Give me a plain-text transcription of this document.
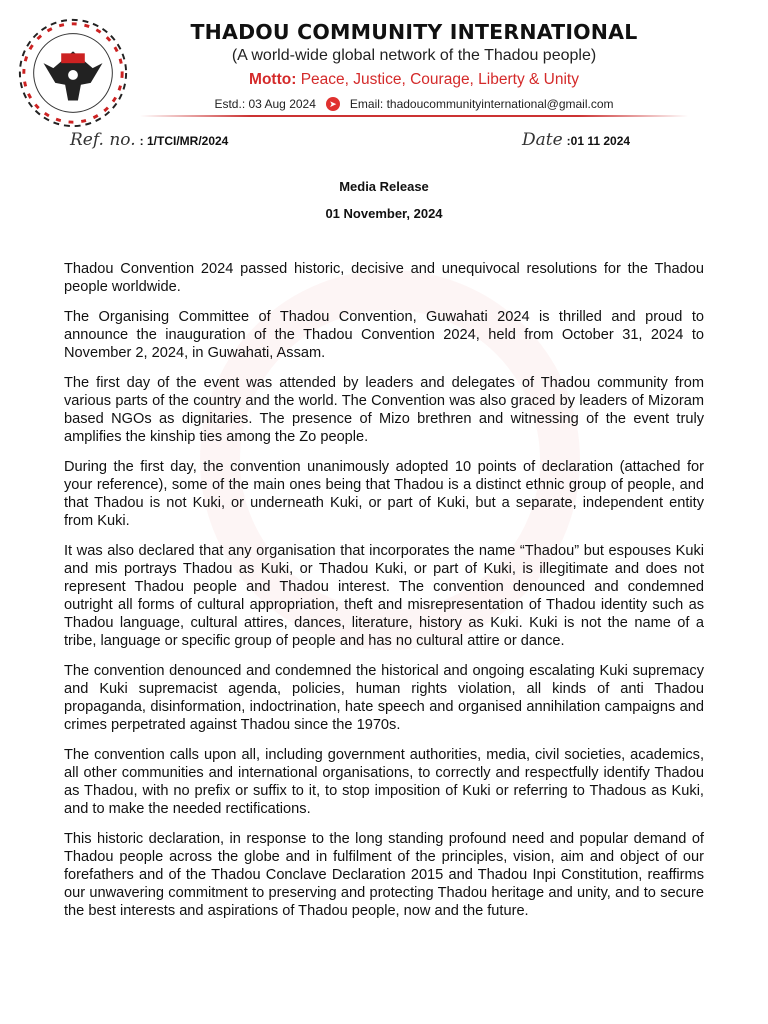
THADOU COMMUNITY INTERNATIONAL
(A world-wide global network of the Thadou people)
Motto: Peace, Justice, Courage, Liberty & Unity
Estd.: 03 Aug 2024	➤ Email: thadoucommunityinternational@gmail.com
Ref. no. : 1/TCI/MR/2024	Date :01 11 2024
Media Release
01 November, 2024

Thadou Convention 2024 passed historic, decisive and unequivocal resolutions for the Thadou people worldwide.

The Organising Committee of Thadou Convention, Guwahati 2024 is thrilled and proud to announce the inauguration of the Thadou Convention 2024, held from October 31, 2024 to November 2, 2024, in Guwahati, Assam.

The first day of the event was attended by leaders and delegates of Thadou community from various parts of the country and the world. The Convention was also graced by leaders of Mizoram based NGOs as dignitaries. The presence of Mizo brethren and witnessing of the event truly amplifies the kinship ties among the Zo people.

During the first day, the convention unanimously adopted 10 points of declaration (attached for your reference), some of the main ones being that Thadou is a distinct ethnic group of people, and that Thadou is not Kuki, or underneath Kuki, or part of Kuki, but a separate, independent entity from Kuki.

It was also declared that any organisation that incorporates the name “Thadou” but espouses Kuki and mis portrays Thadou as Kuki, or Thadou Kuki, or part of Kuki, is illegitimate and does not represent Thadou people and Thadou interest. The convention denounced and condemned outright all forms of cultural appropriation, theft and misrepresentation of Thadou identity such as Thadou language, cultural attires, dances, literature, history as Kuki. Kuki is not the name of a tribe, language or specific group of people and has no cultural attire or dance.

The convention denounced and condemned the historical and ongoing escalating Kuki supremacy and Kuki supremacist agenda, policies, human rights violation, all kinds of anti Thadou propaganda, disinformation, indoctrination, hate speech and organised annihilation campaigns and crimes perpetrated against Thadou since the 1970s.

The convention calls upon all, including government authorities, media, civil societies, academics, all other communities and international organisations, to correctly and respectfully identify Thadou as Thadou, with no prefix or suffix to it, to stop imposition of Kuki or referring to Thadous as Kuki, and to make the needed rectifications.

This historic declaration, in response to the long standing profound need and popular demand of Thadou people across the globe and in fulfilment of the principles, vision, aim and object of our forefathers and of the Thadou Conclave Declaration 2015 and Thadou Inpi Constitution, reaffirms our unwavering commitment to preserving and protecting Thadou heritage and unity, and to secure the best interests and aspirations of Thadou people, now and the future.
